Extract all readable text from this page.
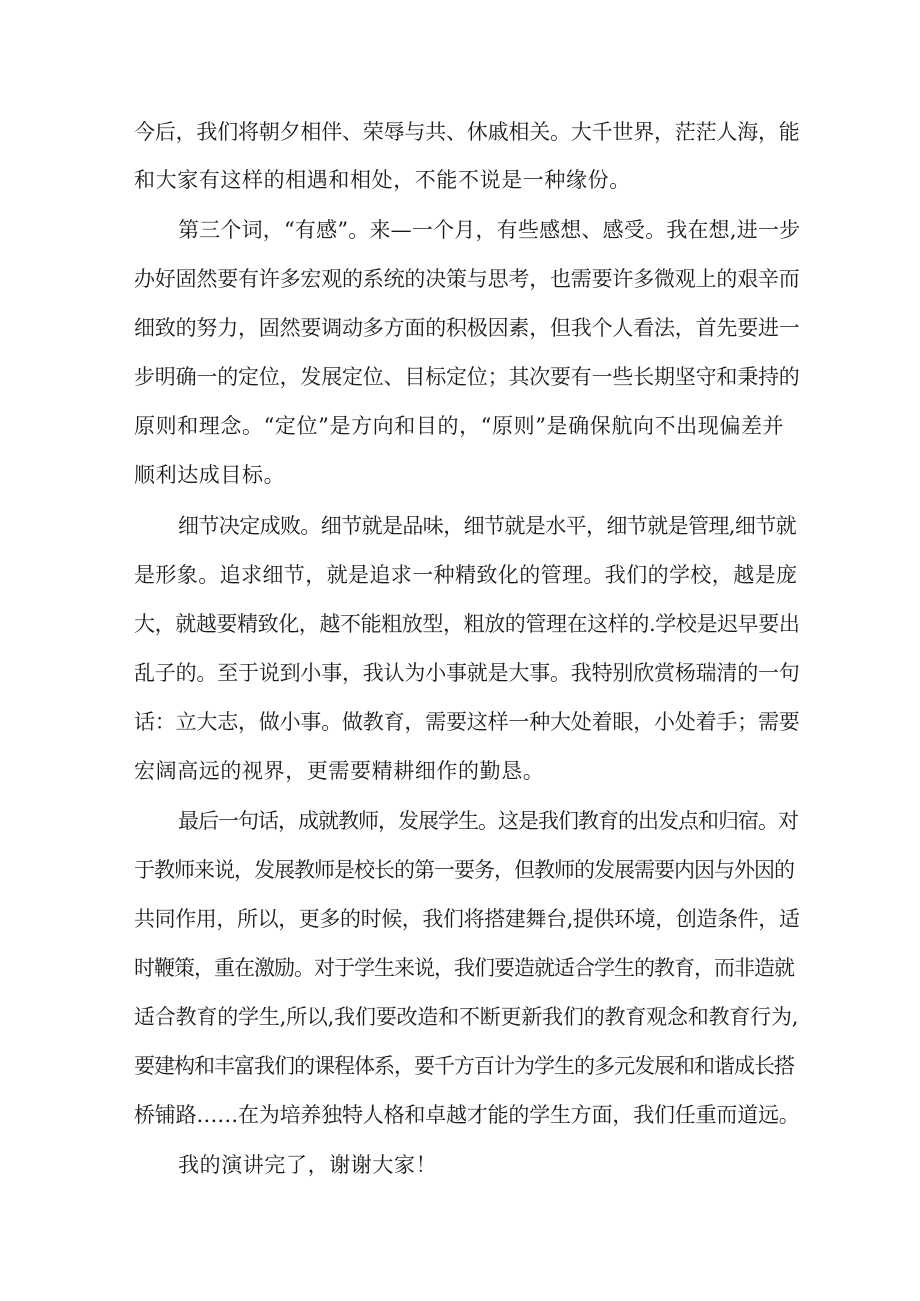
今后，我们将朝夕相伴、荣辱与共、休戚相关。大千世界，茫茫人海，能
和大家有这样的相遇和相处，不能不说是一种缘份。
第三个词，“有感”。来—一个月，有些感想、感受。我在想,进一步
办好固然要有许多宏观的系统的决策与思考，也需要许多微观上的艰辛而
细致的努力，固然要调动多方面的积极因素，但我个人看法，首先要进一
步明确一的定位，发展定位、目标定位；其次要有一些长期坚守和秉持的
原则和理念。“定位”是方向和目的，“原则”是确保航向不出现偏差并
顺利达成目标。
细节决定成败。细节就是品味，细节就是水平，细节就是管理,细节就
是形象。追求细节，就是追求一种精致化的管理。我们的学校，越是庞
大，就越要精致化，越不能粗放型，粗放的管理在这样的.学校是迟早要出
乱子的。至于说到小事，我认为小事就是大事。我特别欣赏杨瑞清的一句
话：立大志，做小事。做教育，需要这样一种大处着眼，小处着手；需要
宏阔高远的视界，更需要精耕细作的勤恳。
最后一句话，成就教师，发展学生。这是我们教育的出发点和归宿。对
于教师来说，发展教师是校长的第一要务，但教师的发展需要内因与外因的
共同作用，所以，更多的时候，我们将搭建舞台,提供环境，创造条件，适
时鞭策，重在激励。对于学生来说，我们要造就适合学生的教育，而非造就
适合教育的学生,所以,我们要改造和不断更新我们的教育观念和教育行为,
要建构和丰富我们的课程体系，要千方百计为学生的多元发展和和谐成长搭
桥铺路……在为培养独特人格和卓越才能的学生方面，我们任重而道远。
我的演讲完了，谢谢大家！
